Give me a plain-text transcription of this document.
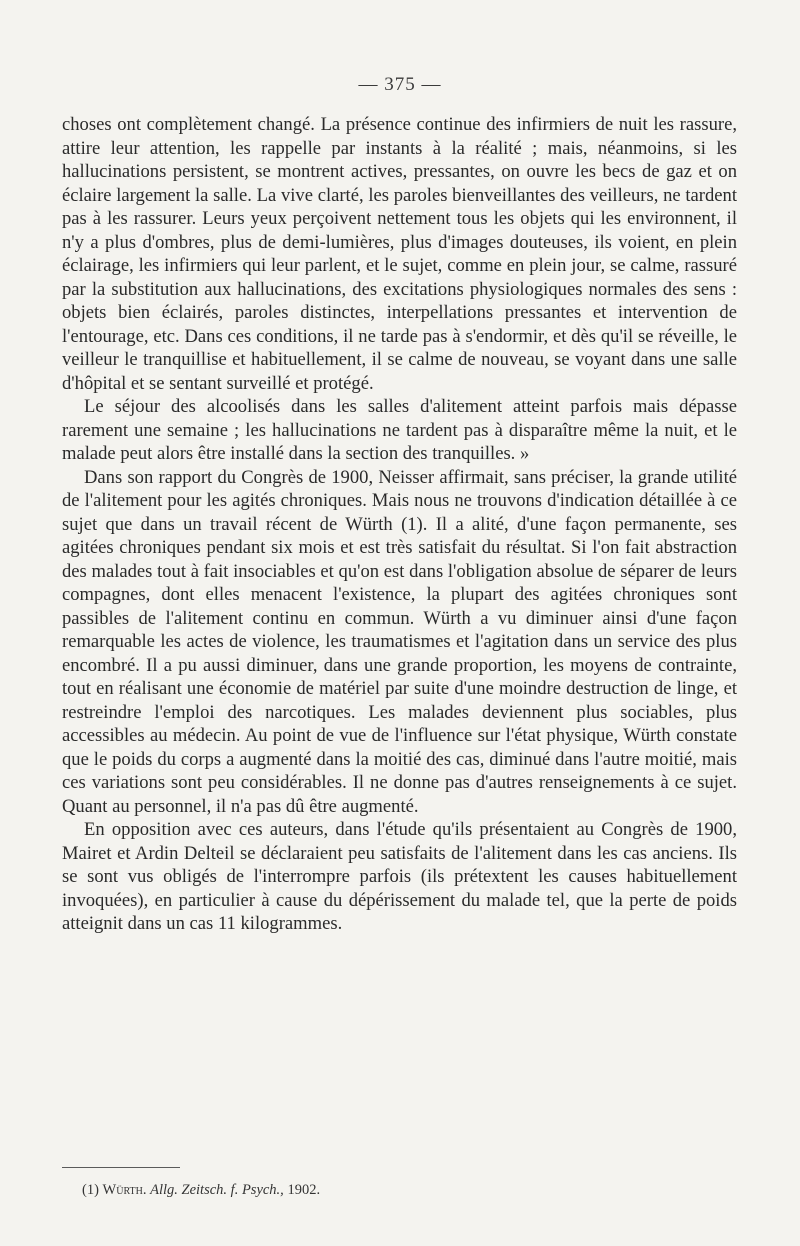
— 375 —

choses ont complètement changé. La présence continue des infirmiers de nuit les rassure, attire leur attention, les rappelle par instants à la réalité ; mais, néanmoins, si les hallucinations persistent, se montrent actives, pressantes, on ouvre les becs de gaz et on éclaire largement la salle. La vive clarté, les paroles bienveillantes des veilleurs, ne tardent pas à les rassurer. Leurs yeux perçoivent nettement tous les objets qui les environnent, il n'y a plus d'ombres, plus de demi-lumières, plus d'images douteuses, ils voient, en plein éclairage, les infirmiers qui leur parlent, et le sujet, comme en plein jour, se calme, rassuré par la substitution aux hallucinations, des excitations physiologiques normales des sens : objets bien éclairés, paroles distinctes, interpellations pressantes et intervention de l'entourage, etc. Dans ces conditions, il ne tarde pas à s'endormir, et dès qu'il se réveille, le veilleur le tranquillise et habituellement, il se calme de nouveau, se voyant dans une salle d'hôpital et se sentant surveillé et protégé.

Le séjour des alcoolisés dans les salles d'alitement atteint parfois mais dépasse rarement une semaine ; les hallucinations ne tardent pas à disparaître même la nuit, et le malade peut alors être installé dans la section des tranquilles. »

Dans son rapport du Congrès de 1900, Neisser affirmait, sans préciser, la grande utilité de l'alitement pour les agités chroniques. Mais nous ne trouvons d'indication détaillée à ce sujet que dans un travail récent de Würth (1). Il a alité, d'une façon permanente, ses agitées chroniques pendant six mois et est très satisfait du résultat. Si l'on fait abstraction des malades tout à fait insociables et qu'on est dans l'obligation absolue de séparer de leurs compagnes, dont elles menacent l'existence, la plupart des agitées chroniques sont passibles de l'alitement continu en commun. Würth a vu diminuer ainsi d'une façon remarquable les actes de violence, les traumatismes et l'agitation dans un service des plus encombré. Il a pu aussi diminuer, dans une grande proportion, les moyens de contrainte, tout en réalisant une économie de matériel par suite d'une moindre destruction de linge, et restreindre l'emploi des narcotiques. Les malades deviennent plus sociables, plus accessibles au médecin. Au point de vue de l'influence sur l'état physique, Würth constate que le poids du corps a augmenté dans la moitié des cas, diminué dans l'autre moitié, mais ces variations sont peu considérables. Il ne donne pas d'autres renseignements à ce sujet. Quant au personnel, il n'a pas dû être augmenté.

En opposition avec ces auteurs, dans l'étude qu'ils présentaient au Congrès de 1900, Mairet et Ardin Delteil se déclaraient peu satisfaits de l'alitement dans les cas anciens. Ils se sont vus obligés de l'interrompre parfois (ils prétextent les causes habituellement invoquées), en particulier à cause du dépérissement du malade tel, que la perte de poids atteignit dans un cas 11 kilogrammes.

(1) Würth. Allg. Zeitsch. f. Psych., 1902.
